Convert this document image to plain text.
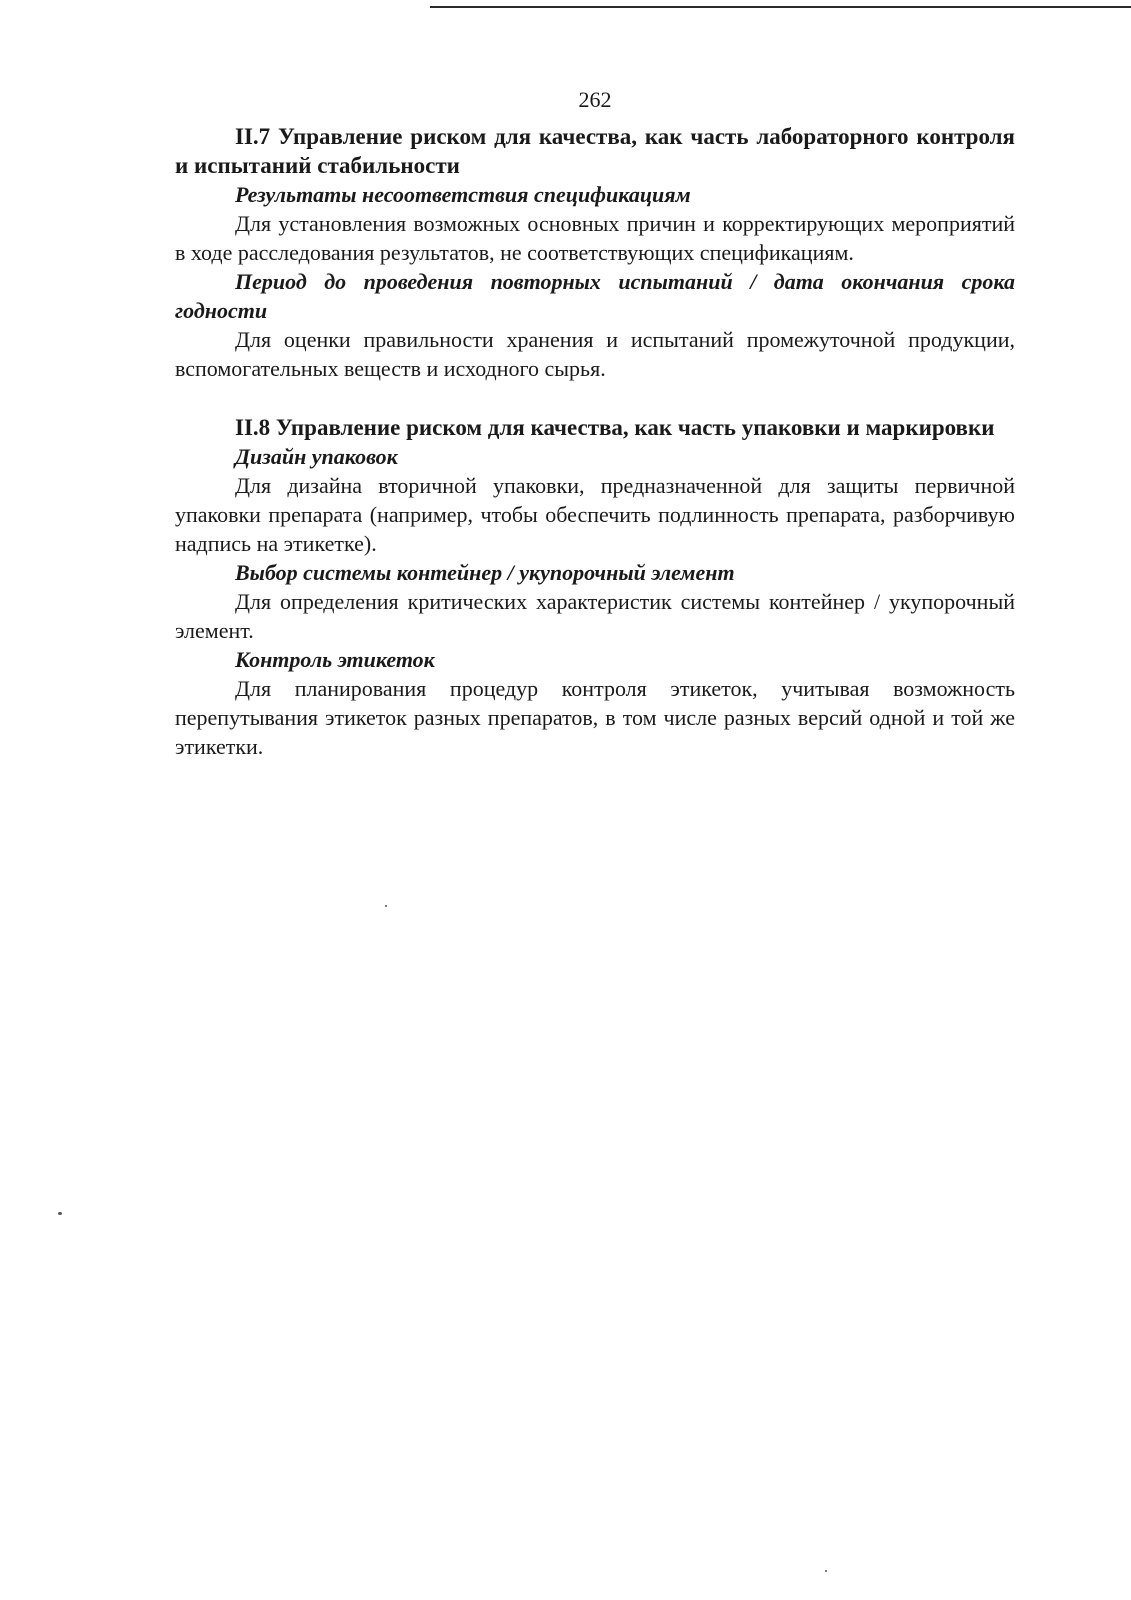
262

II.7 Управление риском для качества, как часть лабораторного контроля и испытаний стабильности

Результаты несоответствия спецификациям

Для установления возможных основных причин и корректирующих мероприятий в ходе расследования результатов, не соответствующих спецификациям.

Период до проведения повторных испытаний / дата окончания срока годности

Для оценки правильности хранения и испытаний промежуточной продукции, вспомогательных веществ и исходного сырья.

II.8 Управление риском для качества, как часть упаковки и маркировки

Дизайн упаковок

Для дизайна вторичной упаковки, предназначенной для защиты первичной упаковки препарата (например, чтобы обеспечить подлинность препарата, разборчивую надпись на этикетке).

Выбор системы контейнер / укупорочный элемент

Для определения критических характеристик системы контейнер / укупорочный элемент.

Контроль этикеток

Для планирования процедур контроля этикеток, учитывая возможность перепутывания этикеток разных препаратов, в том числе разных версий одной и той же этикетки.
